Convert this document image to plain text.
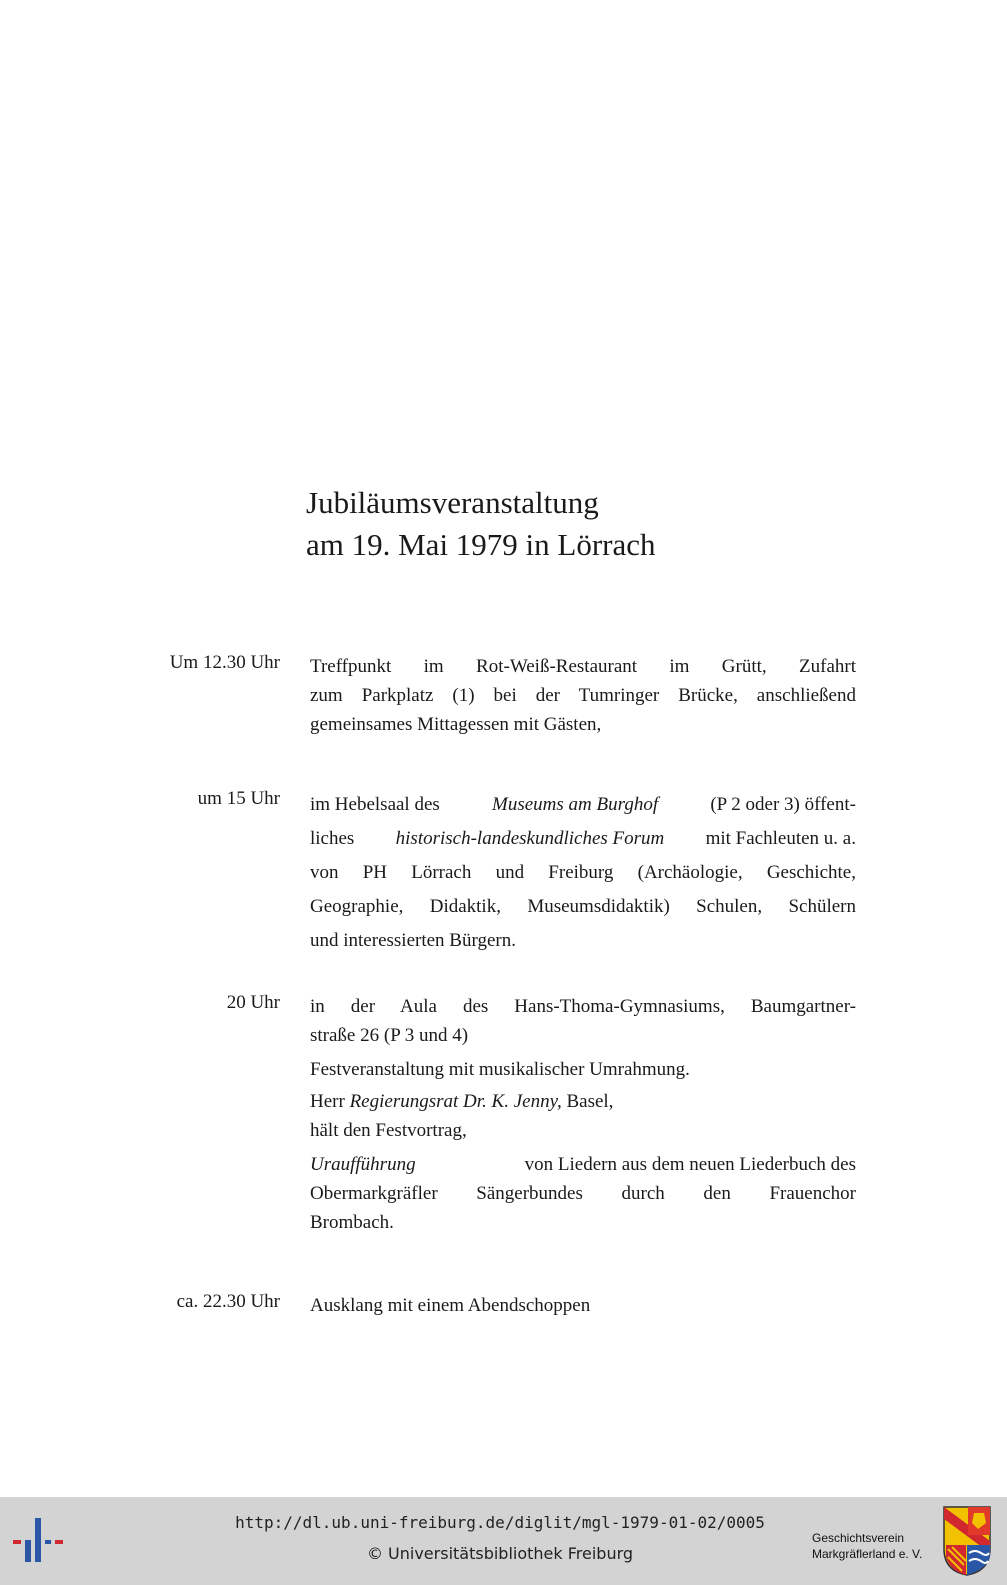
Jubiläumsveranstaltung
am 19. Mai 1979 in Lörrach
Um 12.30 Uhr Treffpunkt im Rot-Weiß-Restaurant im Grütt, Zufahrt
zum Parkplatz (1) bei der Tumringer Brücke, anschließend
gemeinsames Mittagessen mit Gästen,
um 15 Uhr im Hebelsaal des	Museums am Burghof	(P 2 oder 3) öffent-
liches historisch-landeskundliches Forum mit Fachleuten u. a.
von PH Lörrach und Freiburg (Archäologie, Geschichte,
Geographie, Didaktik, Museumsdidaktik) Schulen, Schülern
und interessierten Bürgern.
20 Uhr in der Aula des Hans-Thoma-Gymnasiums, Baumgartner-
straße 26 (P 3 und 4)
Festveranstaltung mit musikalischer Umrahmung.
Herr Regierungsrat Dr. K. Jenny, Basel,
hält den Festvortrag,
Uraufführung	von Liedern aus dem neuen Liederbuch des
Obermarkgräfler Sängerbundes durch den Frauenchor
Brombach.
ca. 22.30 Uhr Ausklang mit einem Abendschoppen
http://dl.ub.uni-freiburg.de/diglit/mgl-1979-01-02/0005
© Universitätsbibliothek Freiburg
Geschichtsverein
Markgräflerland e. V.
